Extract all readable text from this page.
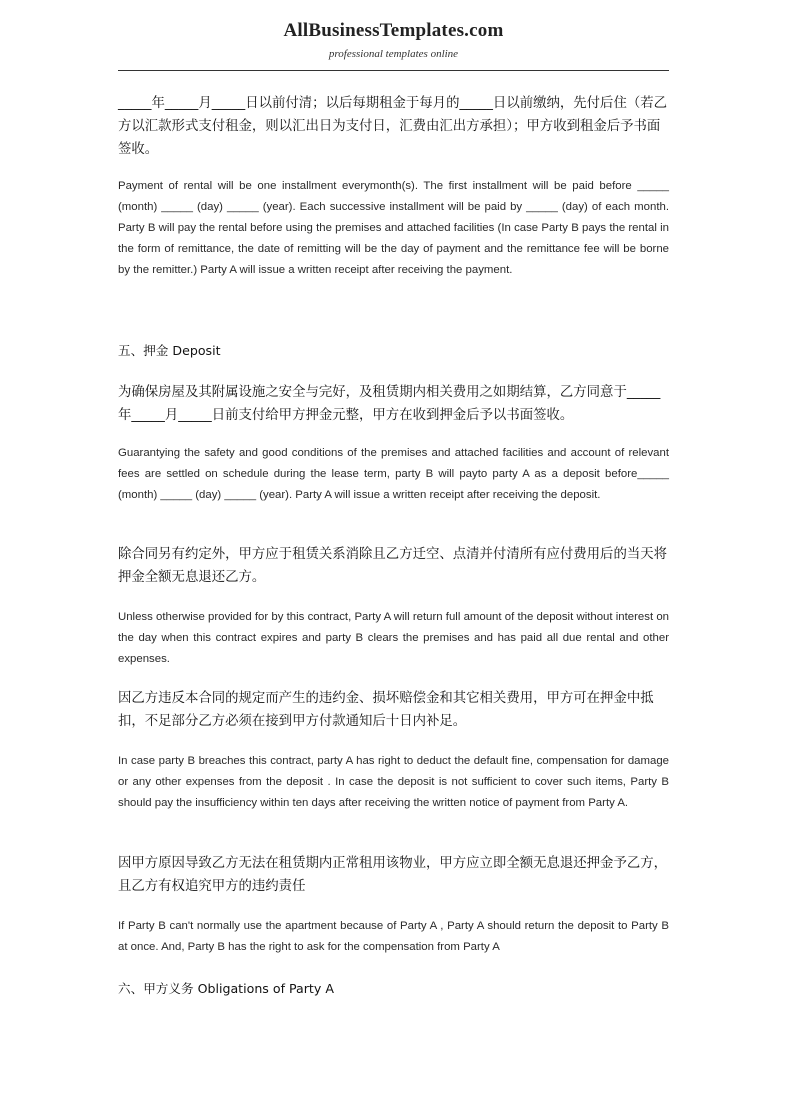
AllBusinessTemplates.com
professional templates online

_____年_____月_____日以前付清；以后每期租金于每月的_____日以前缴纳，先付后住（若乙方以汇款形式支付租金，则以汇出日为支付日，汇费由汇出方承担）；甲方收到租金后予书面签收。

Payment of rental will be one installment everymonth(s). The first installment will be paid before _____ (month) _____ (day) _____ (year). Each successive installment will be paid by _____ (day) of each month. Party B will pay the rental before using the premises and attached facilities (In case Party B pays the rental in the form of remittance, the date of remitting will be the day of payment and the remittance fee will be borne by the remitter.) Party A will issue a written receipt after receiving the payment.

五、押金 Deposit

为确保房屋及其附属设施之安全与完好，及租赁期内相关费用之如期结算，乙方同意于_____年_____月_____日前支付给甲方押金元整，甲方在收到押金后予以书面签收。

Guarantying the safety and good conditions of the premises and attached facilities and account of relevant fees are settled on schedule during the lease term, party B will payto party A as a deposit before_____ (month) _____ (day) _____ (year). Party A will issue a written receipt after receiving the deposit.

除合同另有约定外，甲方应于租赁关系消除且乙方迁空、点清并付清所有应付费用后的当天将押金全额无息退还乙方。

Unless otherwise provided for by this contract, Party A will return full amount of the deposit without interest on the day when this contract expires and party B clears the premises and has paid all due rental and other expenses.

因乙方违反本合同的规定而产生的违约金、损坏赔偿金和其它相关费用，甲方可在押金中抵扣，不足部分乙方必须在接到甲方付款通知后十日内补足。

In case party B breaches this contract, party A has right to deduct the default fine, compensation for damage or any other expenses from the deposit . In case the deposit is not sufficient to cover such items, Party B should pay the insufficiency within ten days after receiving the written notice of payment from Party A.

因甲方原因导致乙方无法在租赁期内正常租用该物业，甲方应立即全额无息退还押金予乙方，且乙方有权追究甲方的违约责任

If Party B can't normally use the apartment because of Party A , Party A should return the deposit to Party B at once. And, Party B has the right to ask for the compensation from Party A

六、甲方义务 Obligations of Party A
